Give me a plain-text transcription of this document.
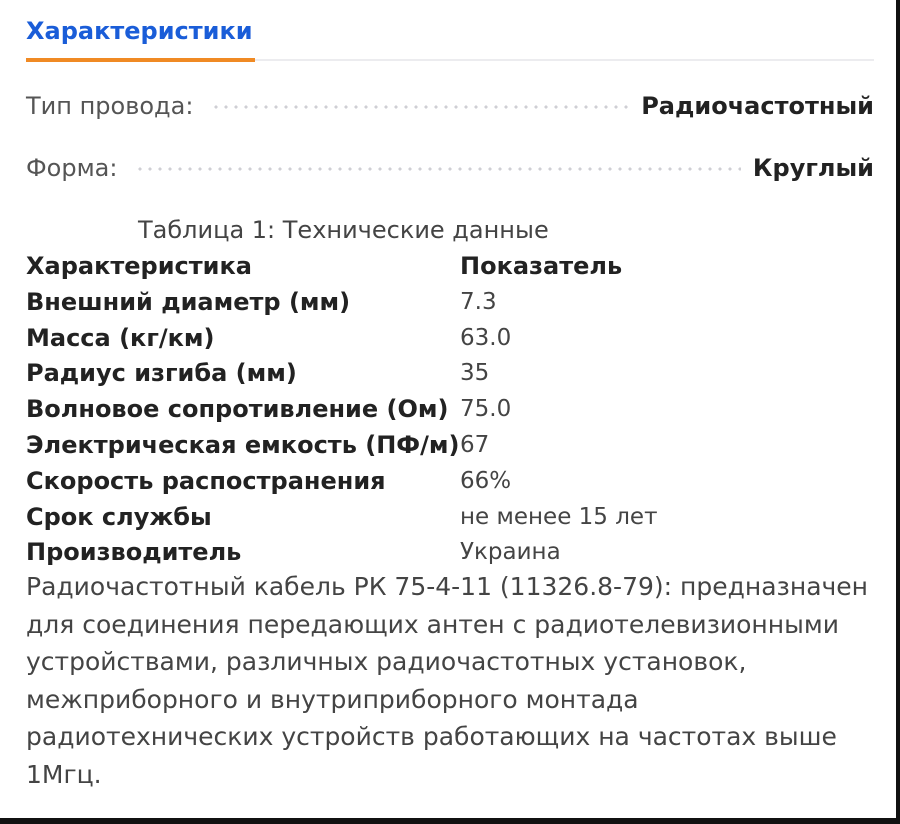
Характеристики
Тип провода:	Радиочастотный
Форма:	Круглый
Таблица 1: Технические данные
Характеристика	Показатель
Внешний диаметр (мм)	7.3
Масса (кг/км)	63.0
Радиус изгиба (мм)	35
Волновое сопротивление (Ом) 75.0
Электрическая емкость (ПФ/м) 67
Скорость распостранения	66%
Срок службы	не менее 15 лет
Производитель	Украина

Радиочастотный кабель РК 75-4-11 (11326.8-79): предназначен для соединения передающих антен с радиотелевизионными устройствами, различных радиочастотных установок, межприборного и внутриприборного монтада радиотехнических устройств работающих на частотах выше 1Мгц.
